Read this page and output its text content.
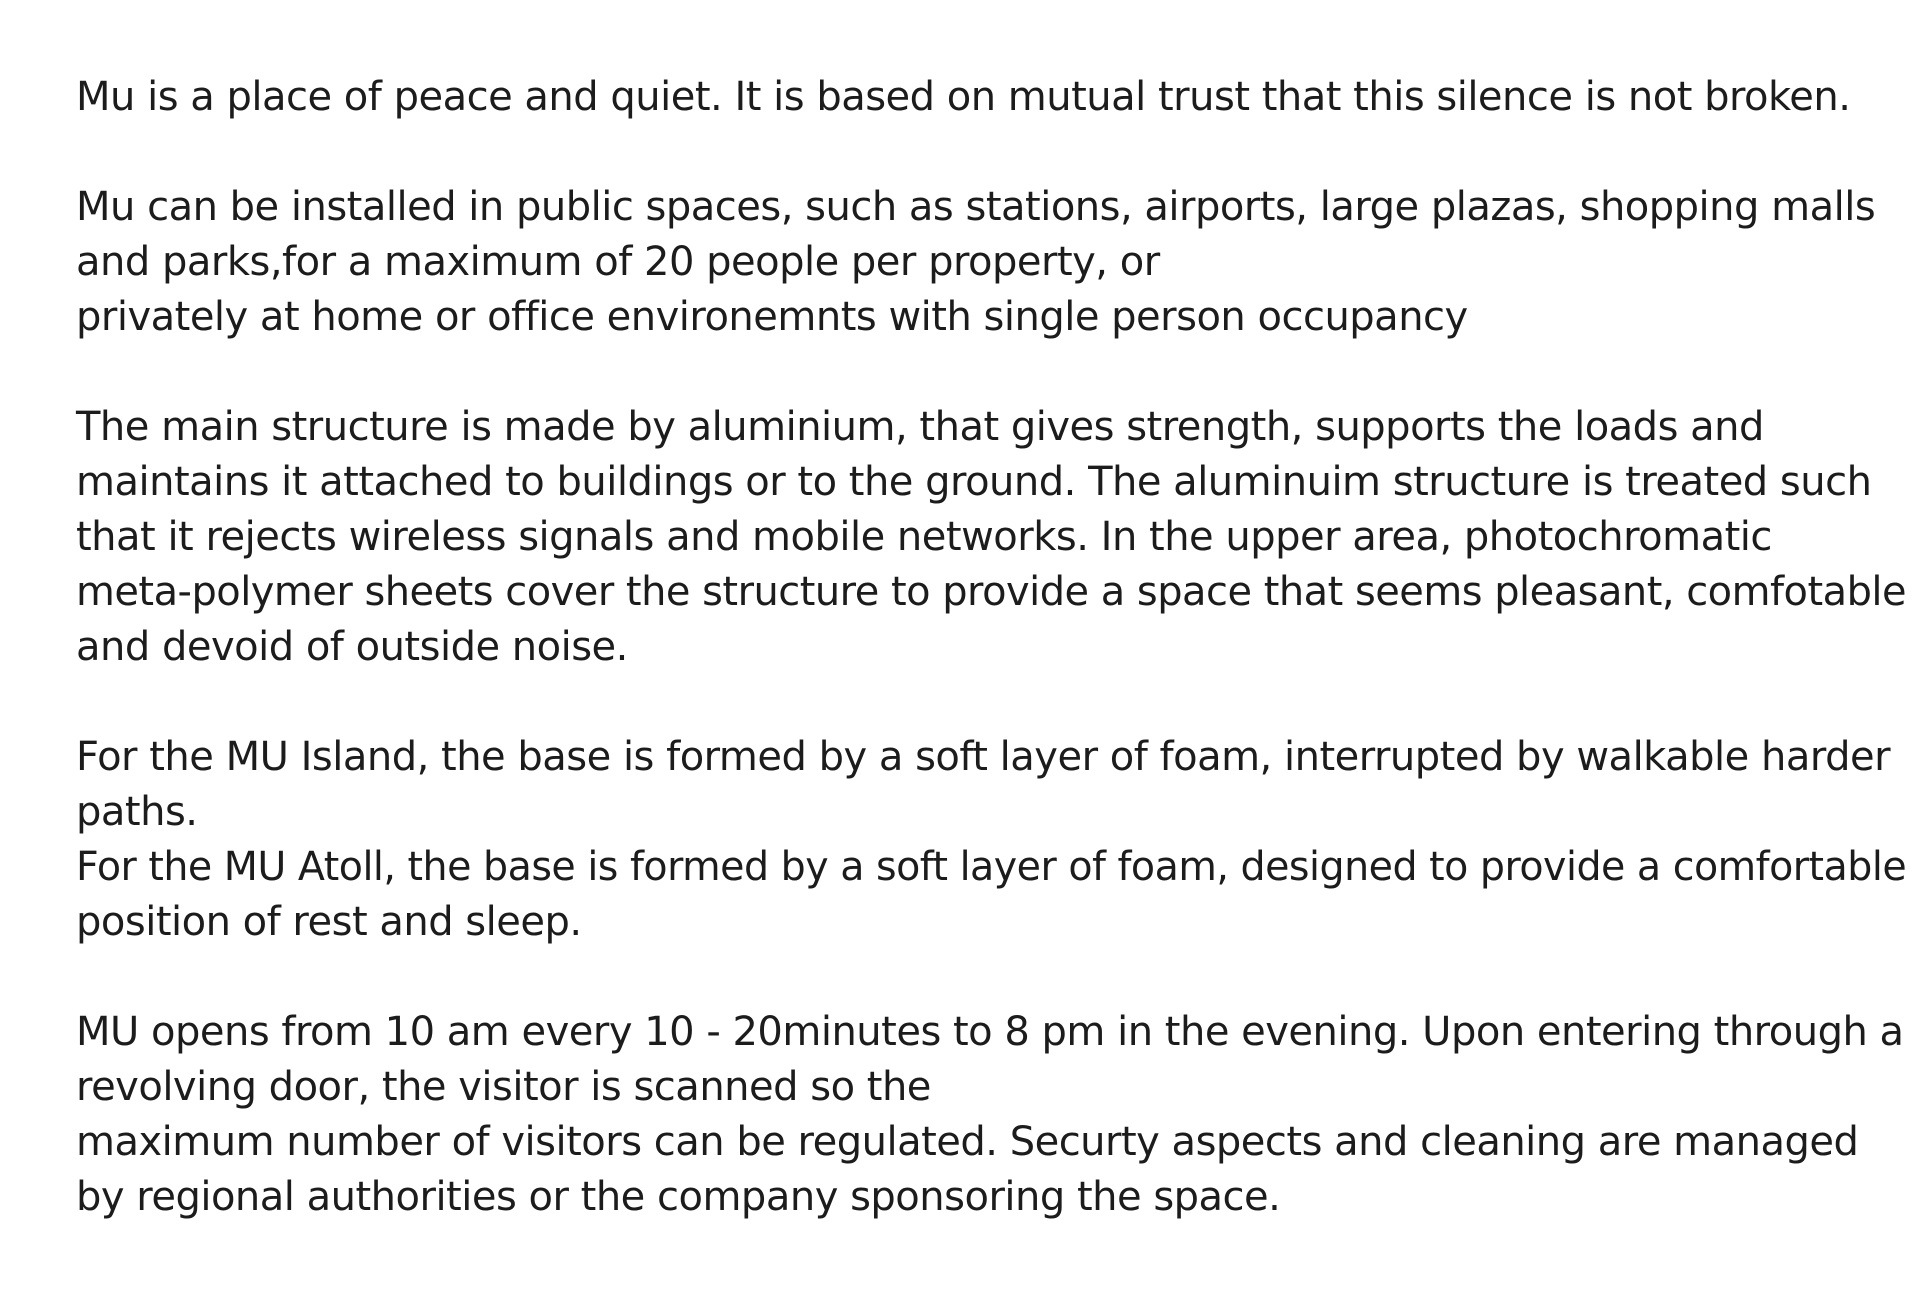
Mu is a place of peace and quiet. It is based on mutual trust that this silence is not broken.

Mu can be installed in public spaces, such as stations, airports, large plazas, shopping malls
and parks,for a maximum of 20 people per property, or
privately at home or office environemnts with single person occupancy

The main structure is made by aluminium, that gives strength, supports the loads and
maintains it attached to buildings or to the ground. The aluminuim structure is treated such
that it rejects wireless signals and mobile networks. In the upper area, photochromatic
meta-polymer sheets cover the structure to provide a space that seems pleasant, comfotable
and devoid of outside noise.

For the MU Island, the base is formed by a soft layer of foam, interrupted by walkable harder
paths.
For the MU Atoll, the base is formed by a soft layer of foam, designed to provide a comfortable
position of rest and sleep.

MU opens from 10 am every 10 - 20minutes to 8 pm in the evening. Upon entering through a
revolving door, the visitor is scanned so the
maximum number of visitors can be regulated. Securty aspects and cleaning are managed
by regional authorities or the company sponsoring the space.
